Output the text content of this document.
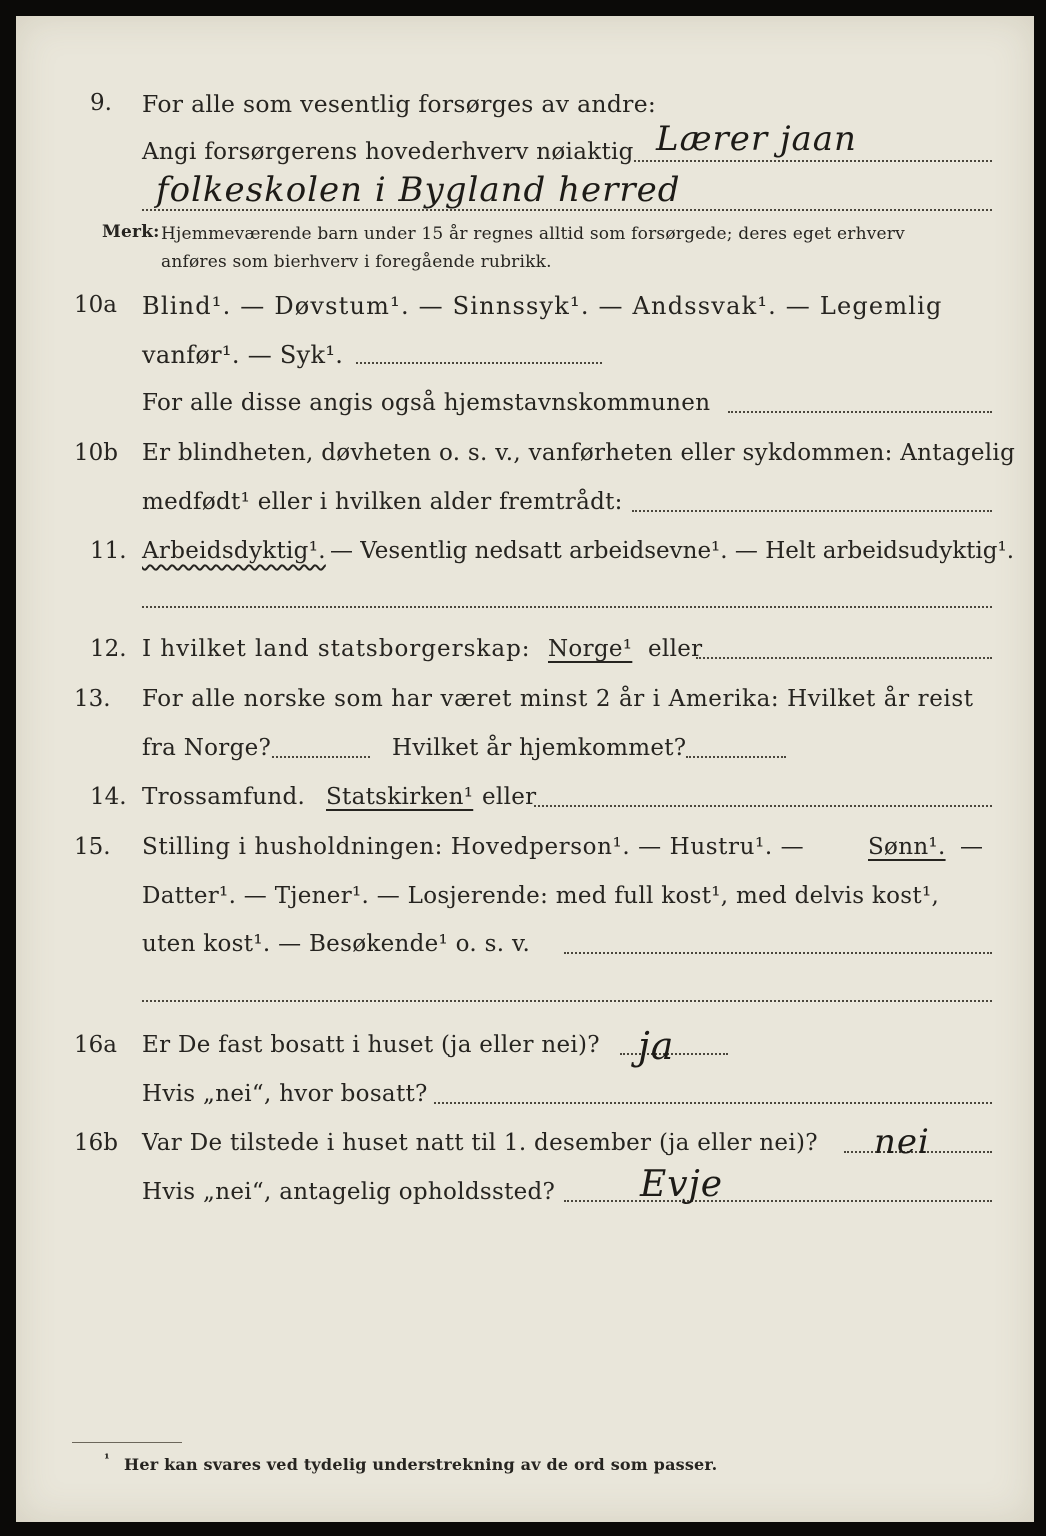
9. For alle som vesentlig forsørges av andre:
Angi forsørgerens hovederhverv nøiaktig Lærer jaan
folkeskolen i Bygland herred
Merk: Hjemmeværende barn under 15 år regnes alltid som forsørgede; deres eget erhverv
anføres som bierhverv i foregående rubrikk.
10a Blind¹. — Døvstum¹. — Sinnssyk¹. — Andssvak¹. — Legemlig
vanfør¹. — Syk¹.
For alle disse angis også hjemstavnskommunen
10b Er blindheten, døvheten o. s. v., vanførheten eller sykdommen: Antagelig
medfødt¹ eller i hvilken alder fremtrådt:
11. Arbeidsdyktig¹. — Vesentlig nedsatt arbeidsevne¹. — Helt arbeidsudyktig¹.
12. I hvilket land statsborgerskap: Norge¹ eller
13. For alle norske som har været minst 2 år i Amerika: Hvilket år reist
fra Norge?	Hvilket år hjemkommet?
14. Trossamfund. Statskirken¹ eller
15. Stilling i husholdningen: Hovedperson¹. — Hustru¹. —	Sønn¹. —
Datter¹. — Tjener¹. — Losjerende: med full kost¹, med delvis kost¹,
uten kost¹. — Besøkende¹ o. s. v.
16a Er De fast bosatt i huset (ja eller nei)? ja
Hvis „nei“, hvor bosatt?
16b Var De tilstede i huset natt til 1. desember (ja eller nei)? nei
Hvis „nei“, antagelig opholdssted? Evje
¹ Her kan svares ved tydelig understrekning av de ord som passer.
